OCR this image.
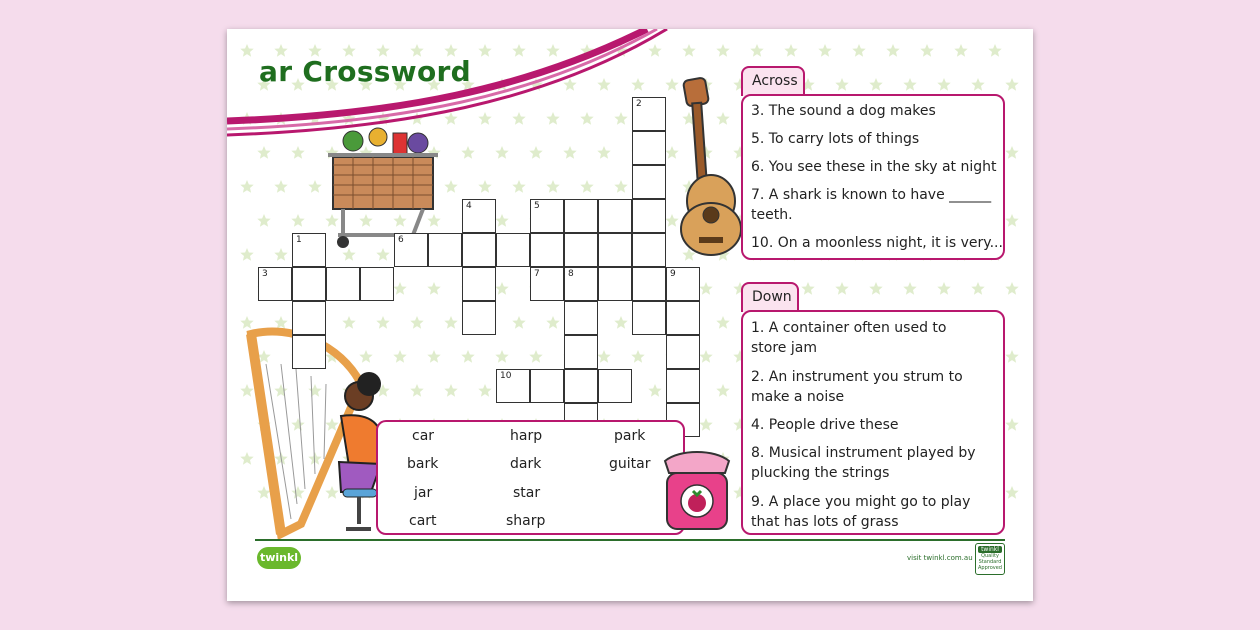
ar Crossword
2
4	5
6
1
3	7	8	9
10
Across
3. The sound a dog makes
5. To carry lots of things
6. You see these in the sky at night
7. A shark is known to have ______
teeth.
10. On a moonless night, it is very...
Down
1. A container often used to
store jam
2. An instrument you strum to
make a noise
4. People drive these
8. Musical instrument played by
plucking the strings
9. A place you might go to play
that has lots of grass
car	harp	park
bark	dark	guitar
jar	star
cart	sharp
twinkl	visit twinkl.com.au
twinkl
Quality Standard Approved
